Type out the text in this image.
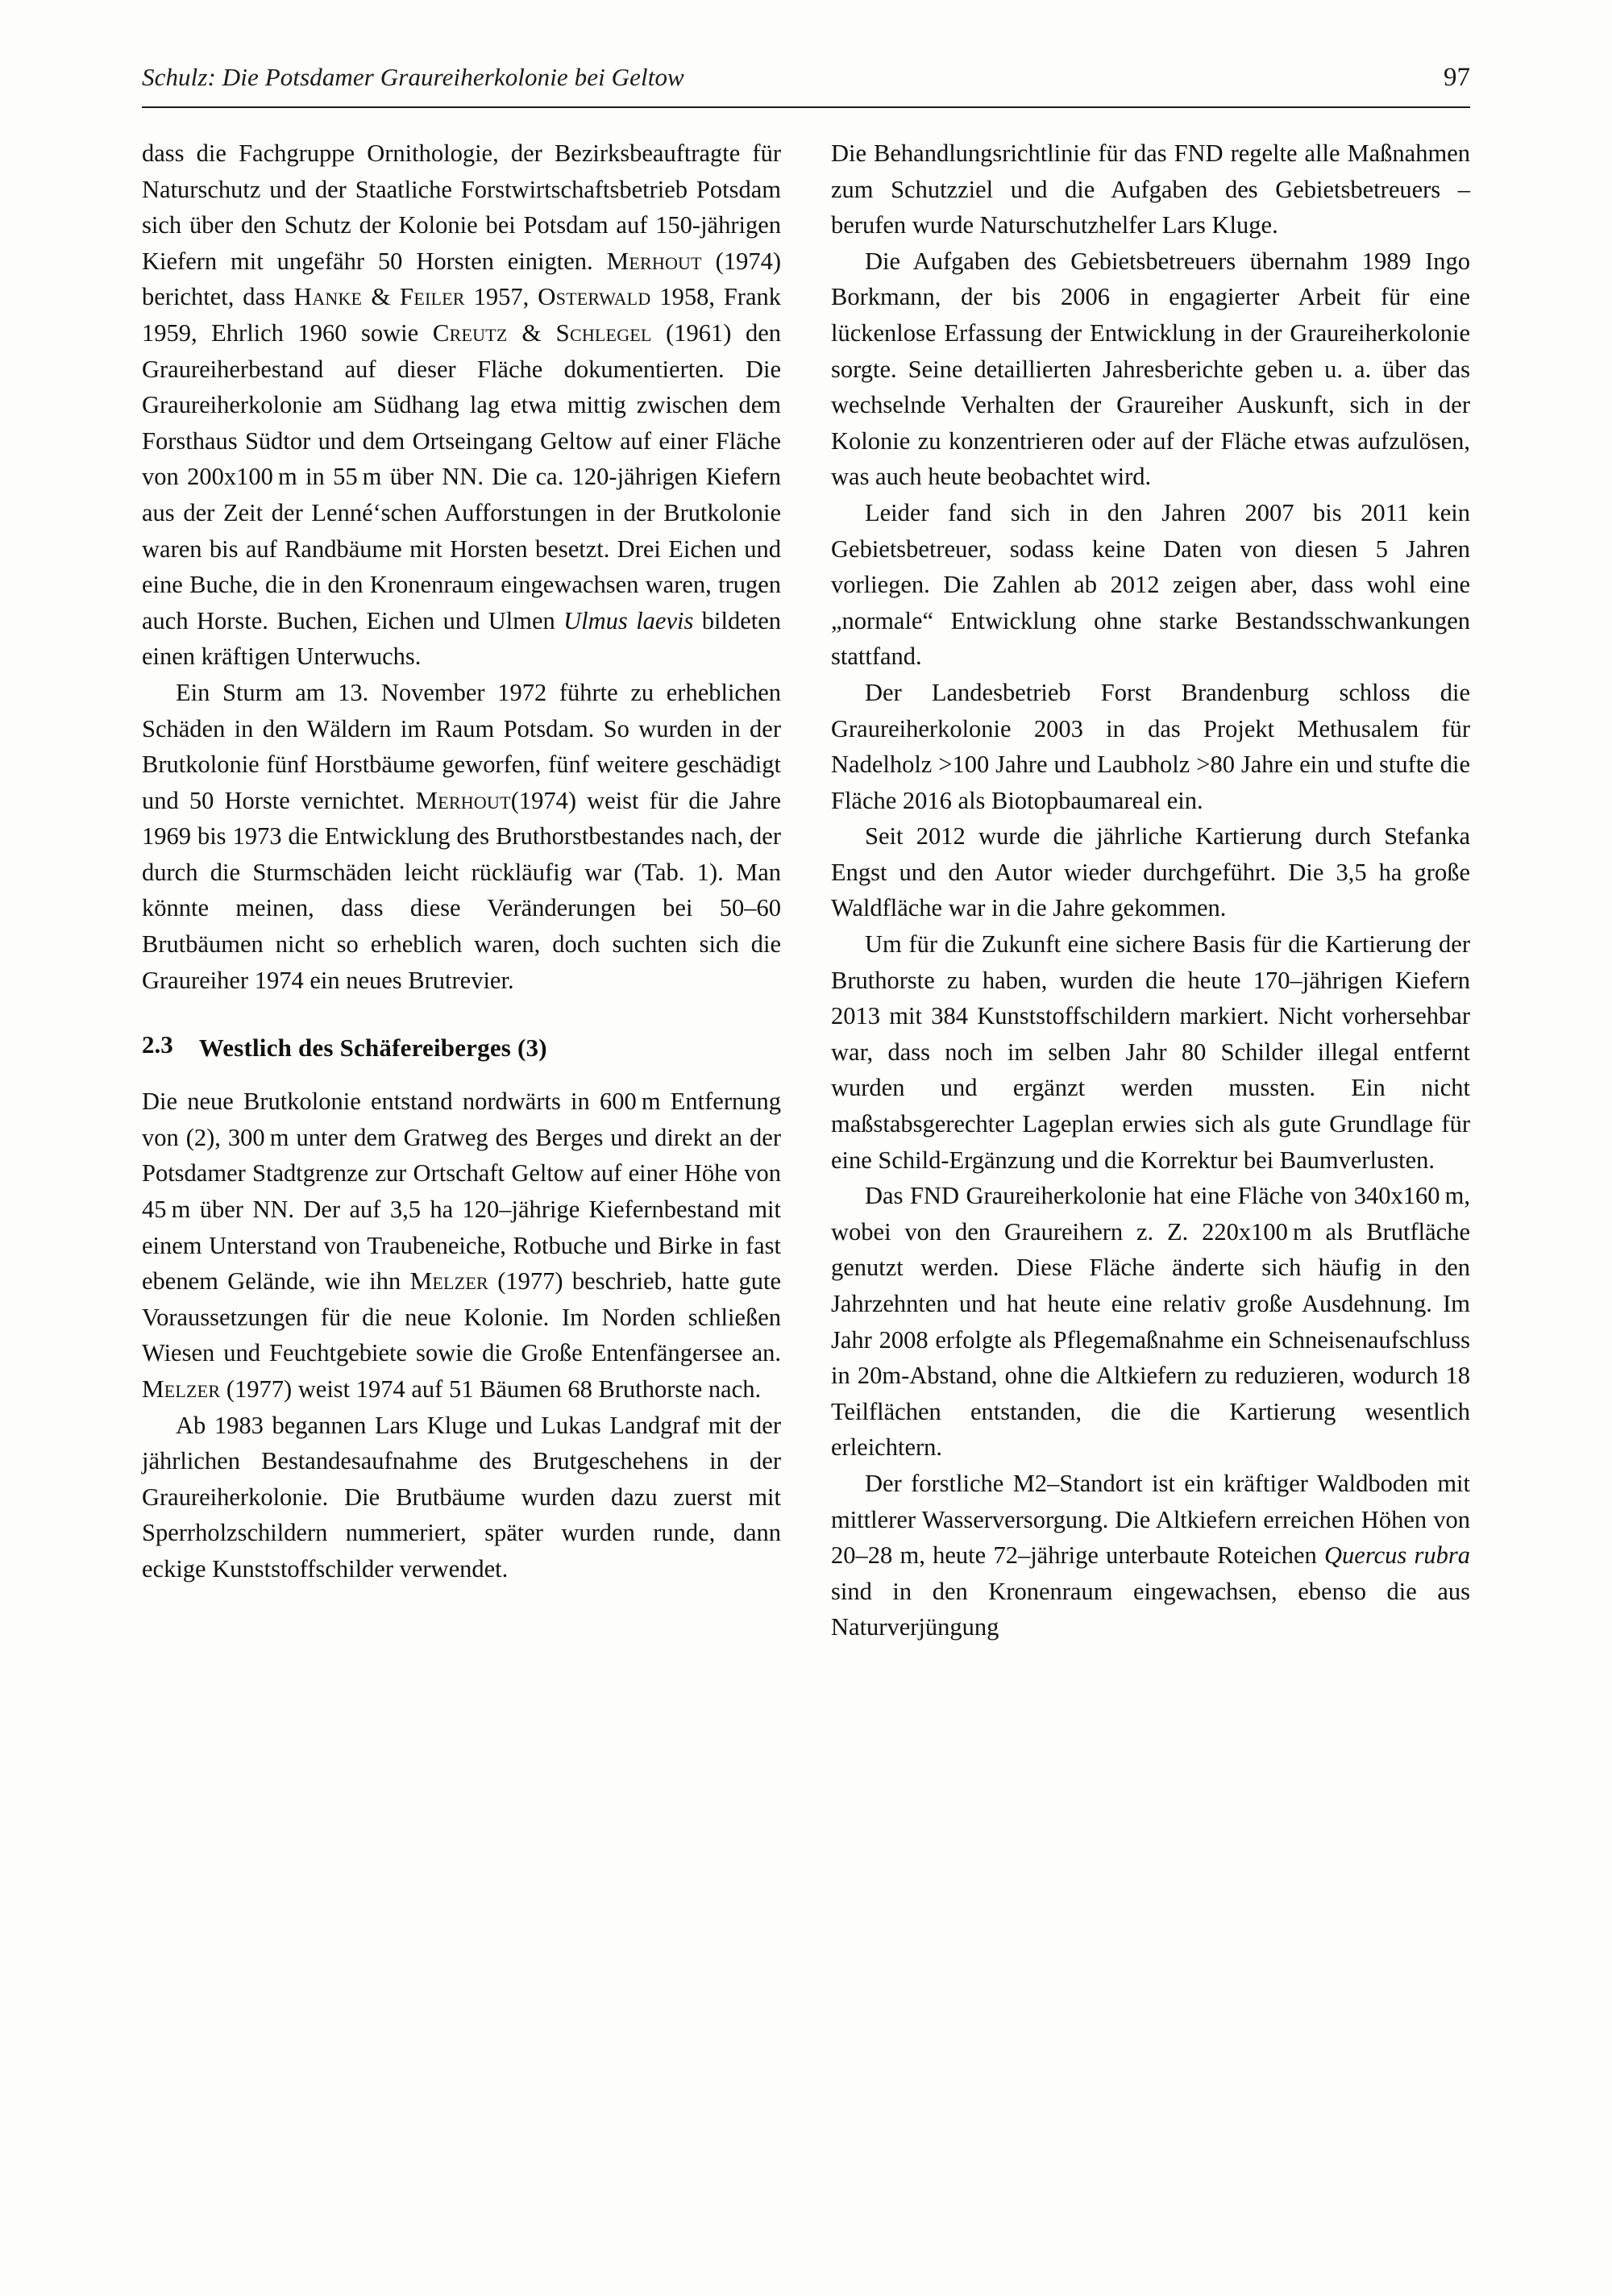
Schulz: Die Potsdamer Graureiherkolonie bei Geltow	97

dass die Fachgruppe Ornithologie, der Bezirksbeauftragte für Naturschutz und der Staatliche Forstwirtschaftsbetrieb Potsdam sich über den Schutz der Kolonie bei Potsdam auf 150-jährigen Kiefern mit ungefähr 50 Horsten einigten. Merhout (1974) berichtet, dass Hanke & Feiler 1957, Osterwald 1958, Frank 1959, Ehrlich 1960 sowie Creutz & Schlegel (1961) den Graureiherbestand auf dieser Fläche dokumentierten. Die Graureiherkolonie am Südhang lag etwa mittig zwischen dem Forsthaus Südtor und dem Ortseingang Geltow auf einer Fläche von 200x100 m in 55 m über NN. Die ca. 120-jährigen Kiefern aus der Zeit der Lenné‘schen Aufforstungen in der Brutkolonie waren bis auf Randbäume mit Horsten besetzt. Drei Eichen und eine Buche, die in den Kronenraum eingewachsen waren, trugen auch Horste. Buchen, Eichen und Ulmen Ulmus laevis bildeten einen kräftigen Unterwuchs.

Ein Sturm am 13. November 1972 führte zu erheblichen Schäden in den Wäldern im Raum Potsdam. So wurden in der Brutkolonie fünf Horstbäume geworfen, fünf weitere geschädigt und 50 Horste vernichtet. Merhout(1974) weist für die Jahre 1969 bis 1973 die Entwicklung des Bruthorstbestandes nach, der durch die Sturmschäden leicht rückläufig war (Tab. 1). Man könnte meinen, dass diese Veränderungen bei 50–60 Brutbäumen nicht so erheblich waren, doch suchten sich die Graureiher 1974 ein neues Brutrevier.

2.3 Westlich des Schäfereiberges (3)

Die neue Brutkolonie entstand nordwärts in 600 m Entfernung von (2), 300 m unter dem Gratweg des Berges und direkt an der Potsdamer Stadtgrenze zur Ortschaft Geltow auf einer Höhe von 45 m über NN. Der auf 3,5 ha 120–jährige Kiefernbestand mit einem Unterstand von Traubeneiche, Rotbuche und Birke in fast ebenem Gelände, wie ihn Melzer (1977) beschrieb, hatte gute Voraussetzungen für die neue Kolonie. Im Norden schließen Wiesen und Feuchtgebiete sowie die Große Entenfängersee an. Melzer (1977) weist 1974 auf 51 Bäumen 68 Bruthorste nach.

Ab 1983 begannen Lars Kluge und Lukas Landgraf mit der jährlichen Bestandesaufnahme des Brutgeschehens in der Graureiherkolonie. Die Brutbäume wurden dazu zuerst mit Sperrholzschildern nummeriert, später wurden runde, dann eckige Kunststoffschilder verwendet.

Die Behandlungsrichtlinie für das FND regelte alle Maßnahmen zum Schutzziel und die Aufgaben des Gebietsbetreuers – berufen wurde Naturschutzhelfer Lars Kluge.

Die Aufgaben des Gebietsbetreuers übernahm 1989 Ingo Borkmann, der bis 2006 in engagierter Arbeit für eine lückenlose Erfassung der Entwicklung in der Graureiherkolonie sorgte. Seine detaillierten Jahresberichte geben u. a. über das wechselnde Verhalten der Graureiher Auskunft, sich in der Kolonie zu konzentrieren oder auf der Fläche etwas aufzulösen, was auch heute beobachtet wird.

Leider fand sich in den Jahren 2007 bis 2011 kein Gebietsbetreuer, sodass keine Daten von diesen 5 Jahren vorliegen. Die Zahlen ab 2012 zeigen aber, dass wohl eine „normale“ Entwicklung ohne starke Bestandsschwankungen stattfand.

Der Landesbetrieb Forst Brandenburg schloss die Graureiherkolonie 2003 in das Projekt Methusalem für Nadelholz >100 Jahre und Laubholz >80 Jahre ein und stufte die Fläche 2016 als Biotopbaumareal ein.

Seit 2012 wurde die jährliche Kartierung durch Stefanka Engst und den Autor wieder durchgeführt. Die 3,5 ha große Waldfläche war in die Jahre gekommen.

Um für die Zukunft eine sichere Basis für die Kartierung der Bruthorste zu haben, wurden die heute 170–jährigen Kiefern 2013 mit 384 Kunststoffschildern markiert. Nicht vorhersehbar war, dass noch im selben Jahr 80 Schilder illegal entfernt wurden und ergänzt werden mussten. Ein nicht maßstabsgerechter Lageplan erwies sich als gute Grundlage für eine Schild-Ergänzung und die Korrektur bei Baumverlusten.

Das FND Graureiherkolonie hat eine Fläche von 340x160 m, wobei von den Graureihern z. Z. 220x100 m als Brutfläche genutzt werden. Diese Fläche änderte sich häufig in den Jahrzehnten und hat heute eine relativ große Ausdehnung. Im Jahr 2008 erfolgte als Pflegemaßnahme ein Schneisenaufschluss in 20m-Abstand, ohne die Altkiefern zu reduzieren, wodurch 18 Teilflächen entstanden, die die Kartierung wesentlich erleichtern.

Der forstliche M2–Standort ist ein kräftiger Waldboden mit mittlerer Wasserversorgung. Die Altkiefern erreichen Höhen von 20–28 m, heute 72–jährige unterbaute Roteichen Quercus rubra sind in den Kronenraum eingewachsen, ebenso die aus Naturverjüngung
